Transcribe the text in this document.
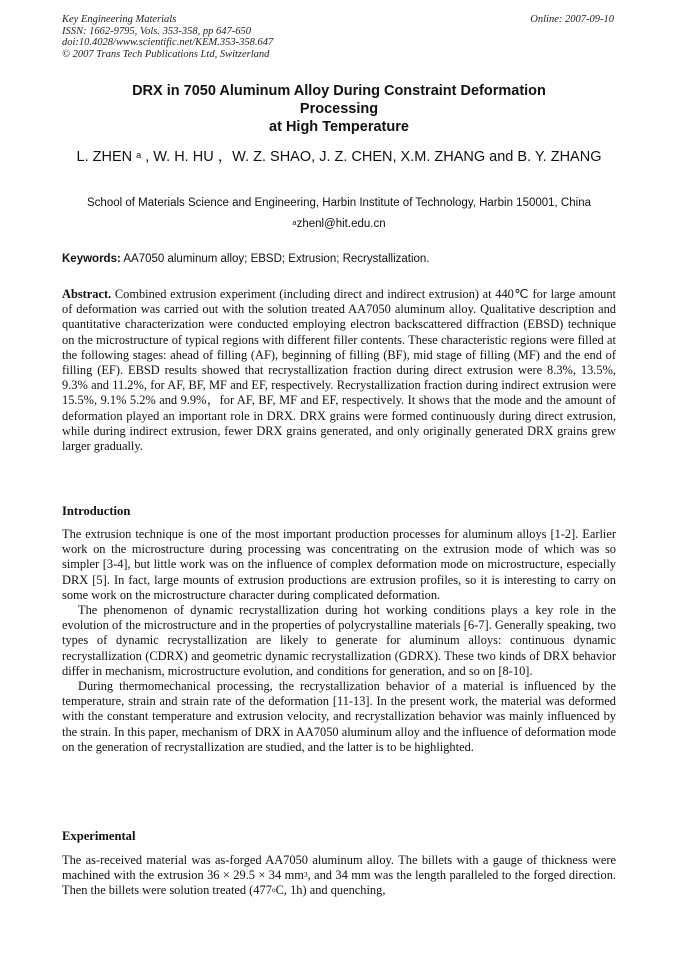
Key Engineering Materials	Online: 2007-09-10
ISSN: 1662-9795, Vols. 353-358, pp 647-650
doi:10.4028/www.scientific.net/KEM.353-358.647
© 2007 Trans Tech Publications Ltd, Switzerland
DRX in 7050 Aluminum Alloy During Constraint Deformation
Processing
at High Temperature
L. ZHEN $^a$ , W. H. HU ，W. Z. SHAO, J. Z. CHEN, X.M. ZHANG and B. Y. ZHANG
School of Materials Science and Engineering, Harbin Institute of Technology, Harbin 150001, China
$^a$zhenl@hit.edu.cn
Keywords: AA7050 aluminum alloy; EBSD; Extrusion; Recrystallization.

Abstract. Combined extrusion experiment (including direct and indirect extrusion) at 440℃ for large amount of deformation was carried out with the solution treated AA7050 aluminum alloy. Qualitative description and quantitative characterization were conducted employing electron backscattered diffraction (EBSD) technique on the microstructure of typical regions with different filler contents. These characteristic regions were filled at the following stages: ahead of filling (AF), beginning of filling (BF), mid stage of filling (MF) and the end of filling (EF). EBSD results showed that recrystallization fraction during direct extrusion were 8.3%, 13.5%, 9.3% and 11.2%, for AF, BF, MF and EF, respectively. Recrystallization fraction during indirect extrusion were 15.5%, 9.1% 5.2% and 9.9%，for AF, BF, MF and EF, respectively. It shows that the mode and the amount of deformation played an important role in DRX. DRX grains were formed continuously during direct extrusion, while during indirect extrusion, fewer DRX grains generated, and only originally generated DRX grains grew larger gradually.

Introduction

The extrusion technique is one of the most important production processes for aluminum alloys [1-2]. Earlier work on the microstructure during processing was concentrating on the extrusion mode of which was so simpler [3-4], but little work was on the influence of complex deformation mode on microstructure, especially DRX [5]. In fact, large mounts of extrusion productions are extrusion profiles, so it is interesting to carry on some work on the microstructure character during complicated deformation.

The phenomenon of dynamic recrystallization during hot working conditions plays a key role in the evolution of the microstructure and in the properties of polycrystalline materials [6-7]. Generally speaking, two types of dynamic recrystallization are likely to generate for aluminum alloys: continuous dynamic recrystallization (CDRX) and geometric dynamic recrystallization (GDRX). These two kinds of DRX behavior differ in mechanism, microstructure evolution, and conditions for generation, and so on [8-10].

During thermomechanical processing, the recrystallization behavior of a material is influenced by the temperature, strain and strain rate of the deformation [11-13]. In the present work, the material was deformed with the constant temperature and extrusion velocity, and recrystallization behavior was mainly influenced by the strain. In this paper, mechanism of DRX in AA7050 aluminum alloy and the influence of deformation mode on the generation of recrystallization are studied, and the latter is to be highlighted.

Experimental

The as-received material was as-forged AA7050 aluminum alloy. The billets with a gauge of thickness were machined with the extrusion 36 × 29.5 × 34 $mm^3$, and 34 mm was the length paralleled to the forged direction. Then the billets were solution treated (477$^o$C, 1h) and quenching,
